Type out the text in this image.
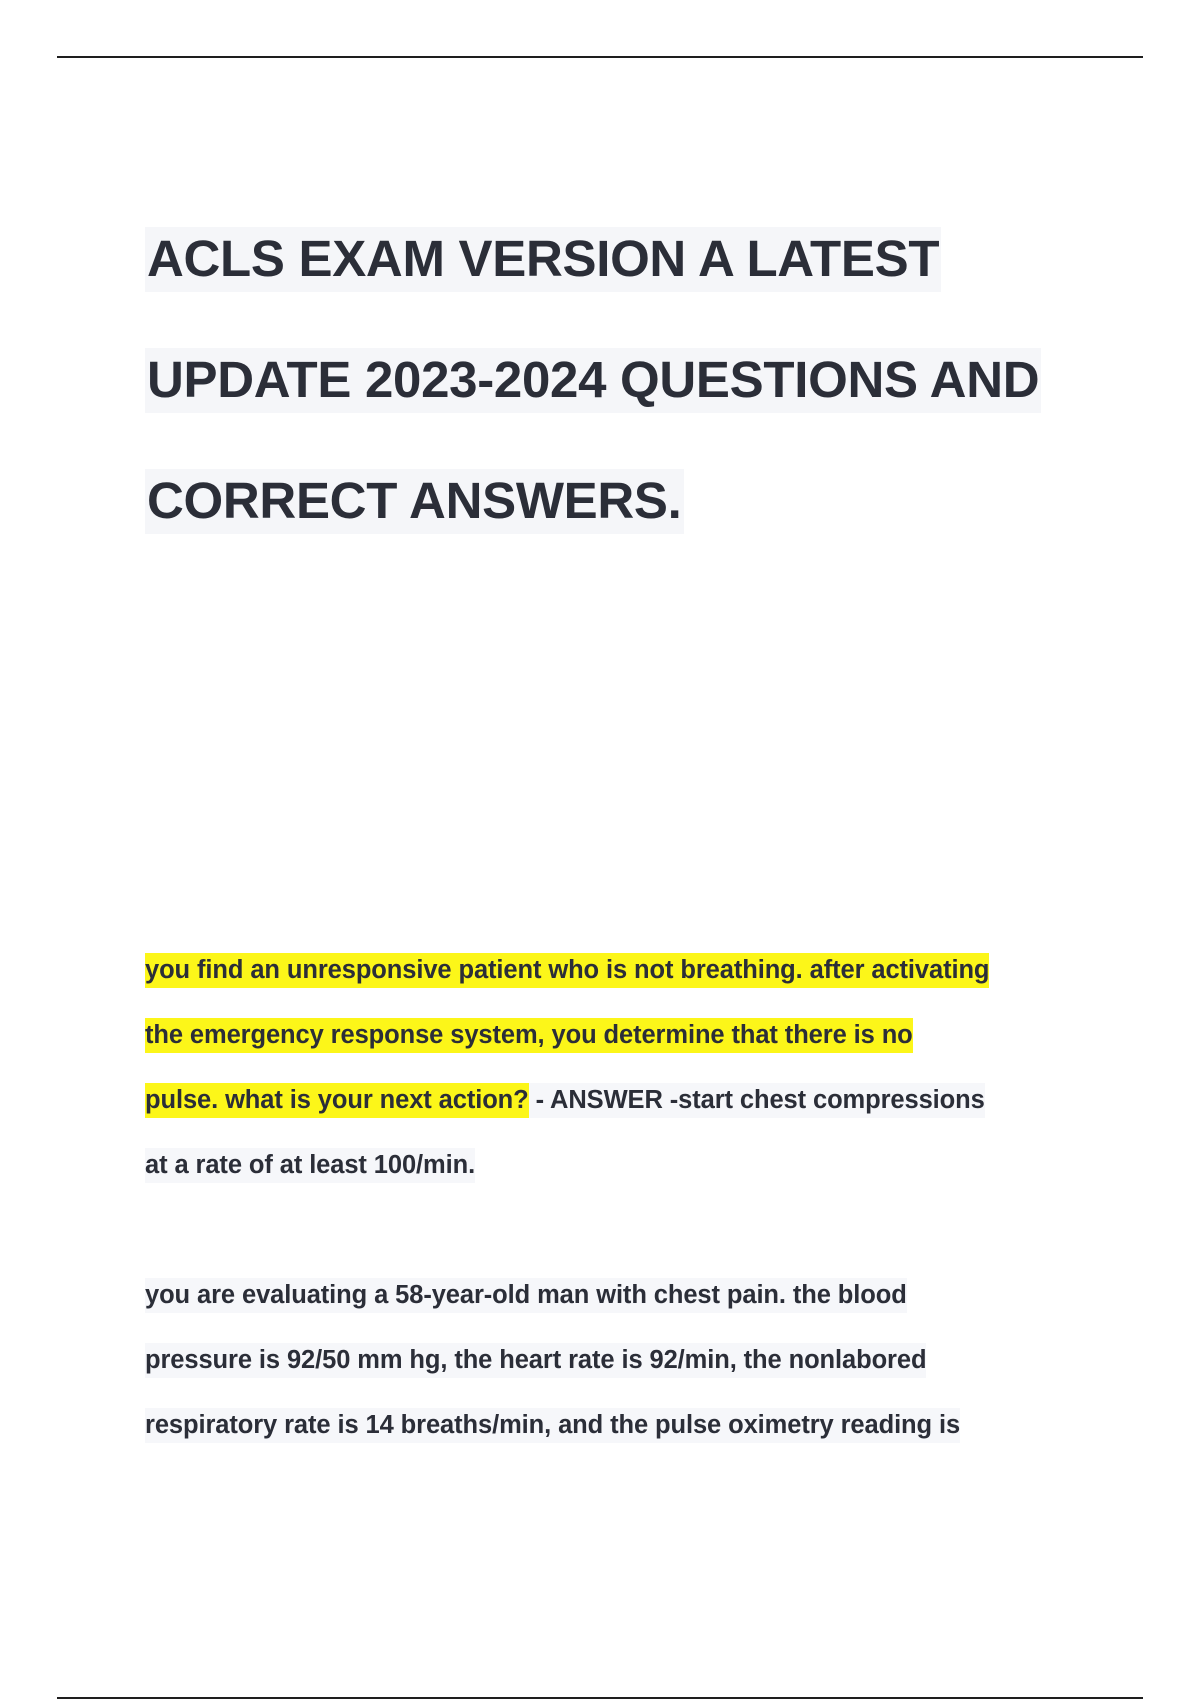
ACLS EXAM VERSION A LATEST
UPDATE 2023-2024 QUESTIONS AND
CORRECT ANSWERS.
you find an unresponsive patient who is not breathing. after activating
the emergency response system, you determine that there is no
pulse. what is your next action? - ANSWER -start chest compressions
at a rate of at least 100/min.
you are evaluating a 58-year-old man with chest pain. the blood
pressure is 92/50 mm hg, the heart rate is 92/min, the nonlabored
respiratory rate is 14 breaths/min, and the pulse oximetry reading is
